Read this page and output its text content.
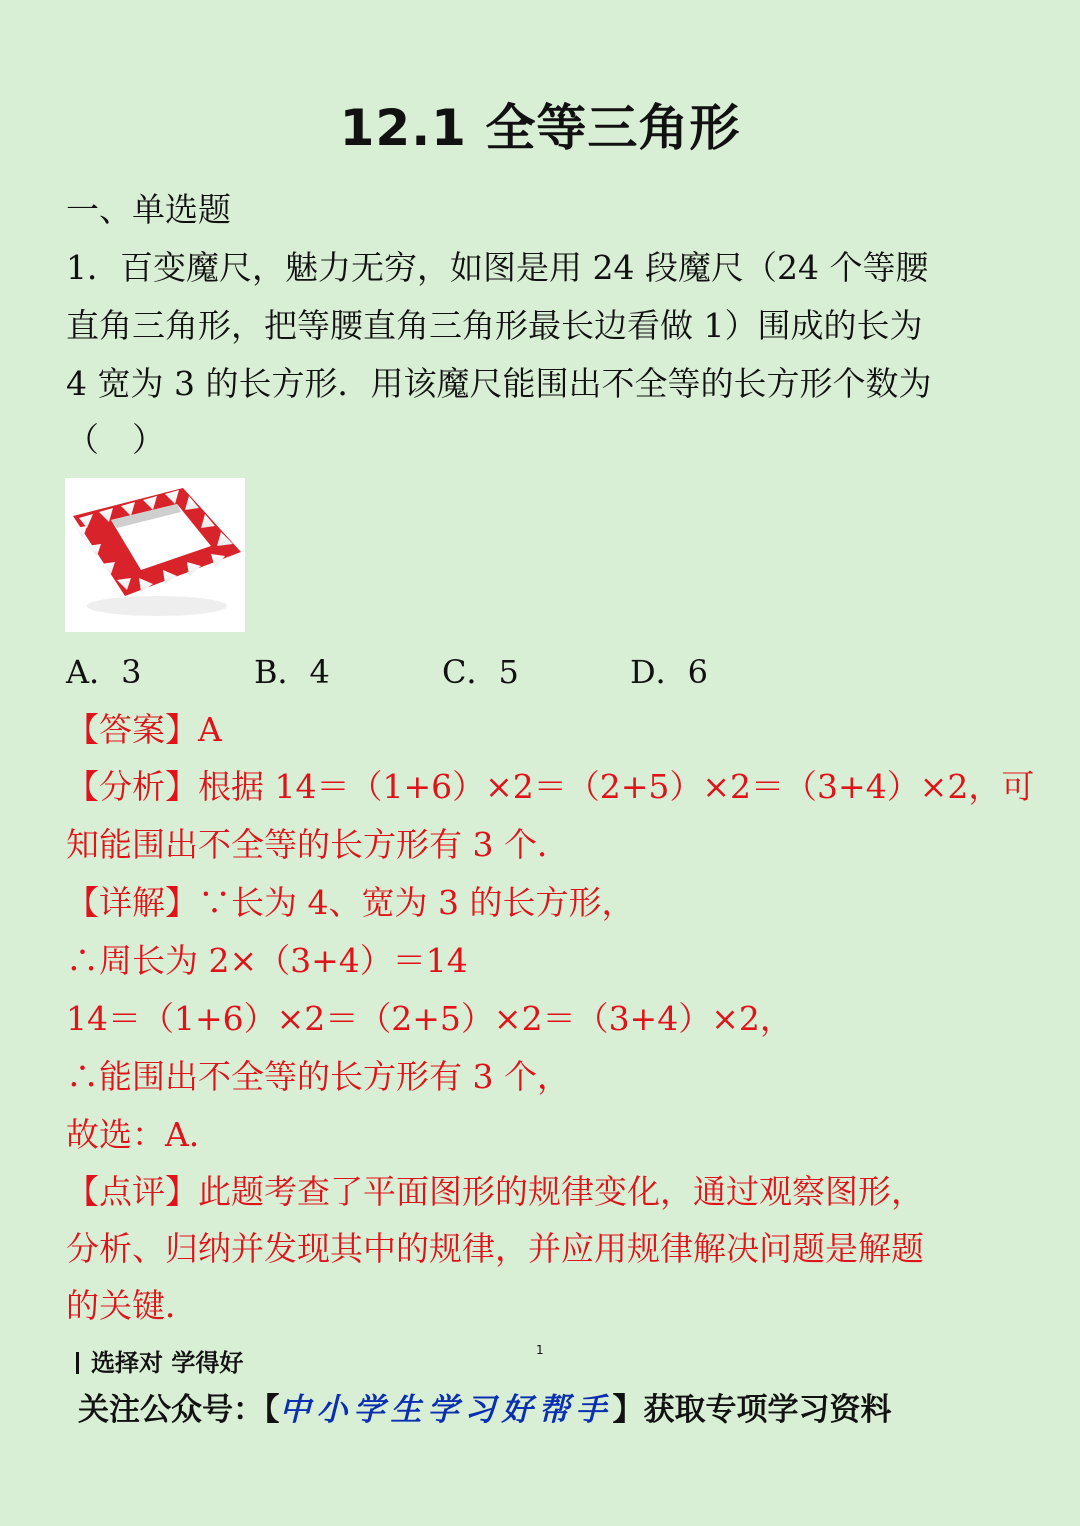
12.1 全等三角形
一、单选题
1．百变魔尺，魅力无穷，如图是用 24 段魔尺（24 个等腰
直角三角形，把等腰直角三角形最长边看做 1）围成的长为
4 宽为 3 的长方形．用该魔尺能围出不全等的长方形个数为
（　）
A．3	B．4	C．5	D．6
【答案】A
【分析】根据 14＝（1+6）×2＝（2+5）×2＝（3+4）×2，可
知能围出不全等的长方形有 3 个．
【详解】∵长为 4、宽为 3 的长方形，
∴周长为 2×（3+4）＝14
14＝（1+6）×2＝（2+5）×2＝（3+4）×2，
∴能围出不全等的长方形有 3 个，
故选：A．
【点评】此题考查了平面图形的规律变化，通过观察图形，
分析、归纳并发现其中的规律，并应用规律解决问题是解题
的关键．
选择对 学得好	1
关注公众号：【中小学生学习好帮手】获取专项学习资料
